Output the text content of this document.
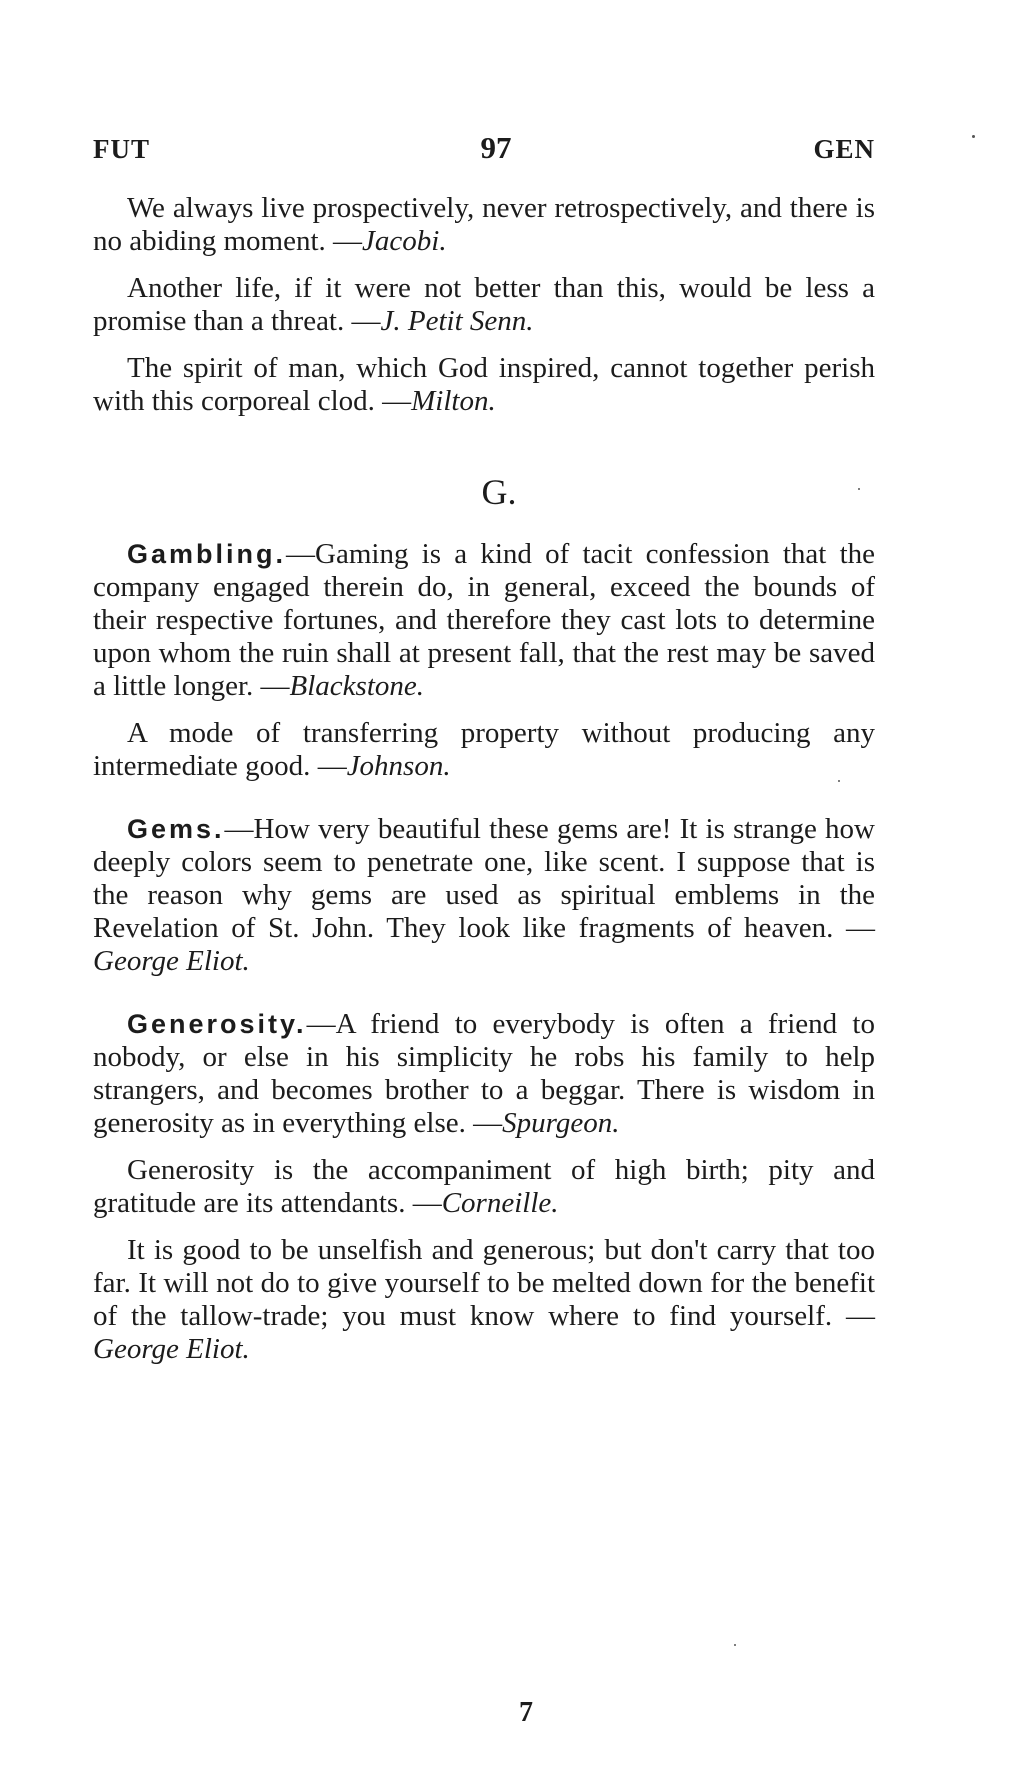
FUT	97	GEN

We always live prospectively, never retrospectively, and there is no abiding moment. —Jacobi.

Another life, if it were not better than this, would be less a promise than a threat. —J. Petit Senn.

The spirit of man, which God inspired, cannot together perish with this corporeal clod. —Milton.

G.

Gambling.—Gaming is a kind of tacit confession that the company engaged therein do, in general, exceed the bounds of their respective fortunes, and therefore they cast lots to determine upon whom the ruin shall at present fall, that the rest may be saved a little longer. —Blackstone.

A mode of transferring property without producing any intermediate good. —Johnson.

Gems.—How very beautiful these gems are! It is strange how deeply colors seem to penetrate one, like scent. I suppose that is the reason why gems are used as spiritual emblems in the Revelation of St. John. They look like fragments of heaven. —George Eliot.

Generosity.—A friend to everybody is often a friend to nobody, or else in his simplicity he robs his family to help strangers, and becomes brother to a beggar. There is wisdom in generosity as in everything else. —Spurgeon.

Generosity is the accompaniment of high birth; pity and gratitude are its attendants. —Corneille.

It is good to be unselfish and generous; but don't carry that too far. It will not do to give yourself to be melted down for the benefit of the tallow-trade; you must know where to find yourself. —George Eliot.

7
